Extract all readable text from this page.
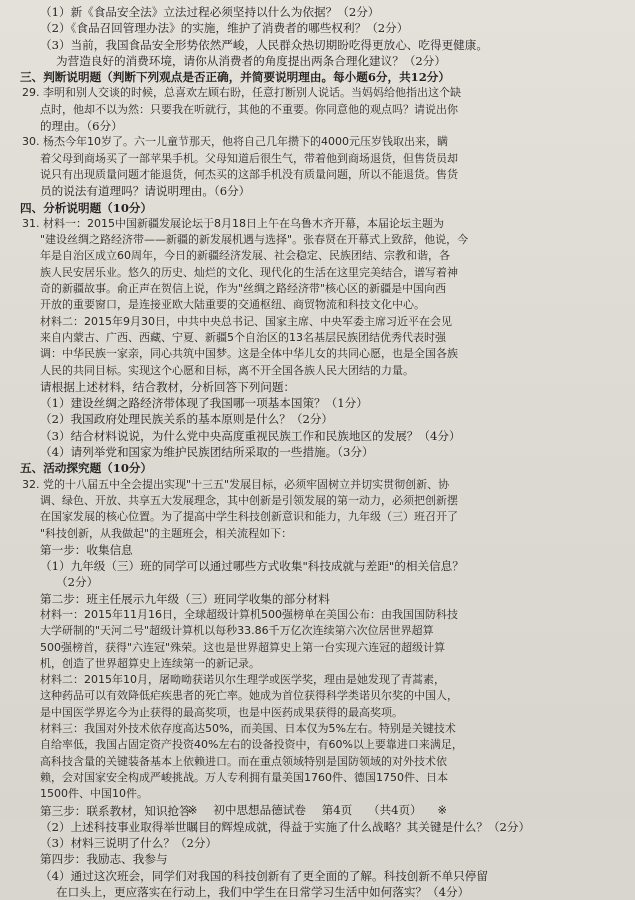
（1）新《食品安全法》立法过程必须坚持以什么为依据？（2分）
（2）《食品召回管理办法》的实施，维护了消费者的哪些权利？（2分）
（3）当前，我国食品安全形势依然严峻，人民群众热切期盼吃得更放心、吃得更健康。
为营造良好的消费环境，请你从消费者的角度提出两条合理化建议？（2分）
三、判断说明题（判断下列观点是否正确，并简要说明理由。每小题6分，共12分）
29. 李明和别人交谈的时候，总喜欢左顾右盼，任意打断别人说话。当妈妈给他指出这个缺
点时，他却不以为然：只要我在听就行，其他的不重要。你同意他的观点吗？请说出你
的理由。（6分）
30. 杨杰今年10岁了。六一儿童节那天，他将自己几年攒下的4000元压岁钱取出来，瞒
着父母到商场买了一部苹果手机。父母知道后很生气，带着他到商场退货，但售货员却
说只有出现质量问题才能退货，何杰买的这部手机没有质量问题，所以不能退货。售货
员的说法有道理吗？请说明理由。（6分）
四、分析说明题（10分）
31. 材料一：2015中国新疆发展论坛于8月18日上午在乌鲁木齐开幕，本届论坛主题为
"建设丝绸之路经济带——新疆的新发展机遇与选择"。张春贤在开幕式上致辞，他说，今
年是自治区成立60周年，今日的新疆经济发展、社会稳定、民族团结、宗教和谐，各
族人民安居乐业。悠久的历史、灿烂的文化、现代化的生活在这里完美结合，谱写着神
奇的新疆故事。俞正声在贺信上说，作为"丝绸之路经济带"核心区的新疆是中国向西
开放的重要窗口，是连接亚欧大陆重要的交通枢纽、商贸物流和科技文化中心。
材料二：2015年9月30日，中共中央总书记、国家主席、中央军委主席习近平在会见
来自内蒙古、广西、西藏、宁夏、新疆5个自治区的13名基层民族团结优秀代表时强
调：中华民族一家亲，同心共筑中国梦。这是全体中华儿女的共同心愿，也是全国各族
人民的共同目标。实现这个心愿和目标，离不开全国各族人民大团结的力量。
请根据上述材料，结合教材，分析回答下列问题：
（1）建设丝绸之路经济带体现了我国哪一项基本国策？（1分）
（2）我国政府处理民族关系的基本原则是什么？（2分）
（3）结合材料说说，为什么党中央高度重视民族工作和民族地区的发展？（4分）
（4）请列举党和国家为维护民族团结所采取的一些措施。（3分）
五、活动探究题（10分）
32. 党的十八届五中全会提出实现"十三五"发展目标，必须牢固树立并切实贯彻创新、协
调、绿色、开放、共享五大发展理念，其中创新是引领发展的第一动力，必须把创新摆
在国家发展的核心位置。为了提高中学生科技创新意识和能力，九年级（三）班召开了
"科技创新，从我做起"的主题班会，相关流程如下：
第一步：收集信息
（1）九年级（三）班的同学可以通过哪些方式收集"科技成就与差距"的相关信息？
（2分）
第二步：班主任展示九年级（三）班同学收集的部分材料
材料一：2015年11月16日，全球超级计算机500强榜单在美国公布：由我国国防科技
大学研制的"天河二号"超级计算机以每秒33.86千万亿次连续第六次位居世界超算
500强榜首，获得"六连冠"殊荣。这也是世界超算史上第一台实现六连冠的超级计算
机，创造了世界超算史上连续第一的新记录。
材料二：2015年10月，屠呦呦获诺贝尔生理学或医学奖，理由是她发现了青蒿素，
这种药品可以有效降低疟疾患者的死亡率。她成为首位获得科学类诺贝尔奖的中国人，
是中国医学界迄今为止获得的最高奖项，也是中医药成果获得的最高奖项。
材料三：我国对外技术依存度高达50%，而美国、日本仅为5%左右。特别是关键技术
自给率低，我国占固定资产投资40%左右的设备投资中，有60%以上要靠进口来满足，
高科技含量的关键装备基本上依赖进口。而在重点领域特别是国防领域的对外技术依
赖，会对国家安全构成严峻挑战。万人专利拥有量美国1760件、德国1750件、日本
1500件、中国10件。
第三步：联系教材，知识抢答
（2）上述科技事业取得举世瞩目的辉煌成就，得益于实施了什么战略？其关键是什么？（2分）
（3）材料三说明了什么？（2分）
第四步：我励志、我参与
（4）通过这次班会，同学们对我国的科技创新有了更全面的了解。科技创新不单只停留
在口头上，更应落实在行动上，我们中学生在日常学习生活中如何落实？（4分）
※ 初中思想品德试卷 第4页 （共4页） ※
